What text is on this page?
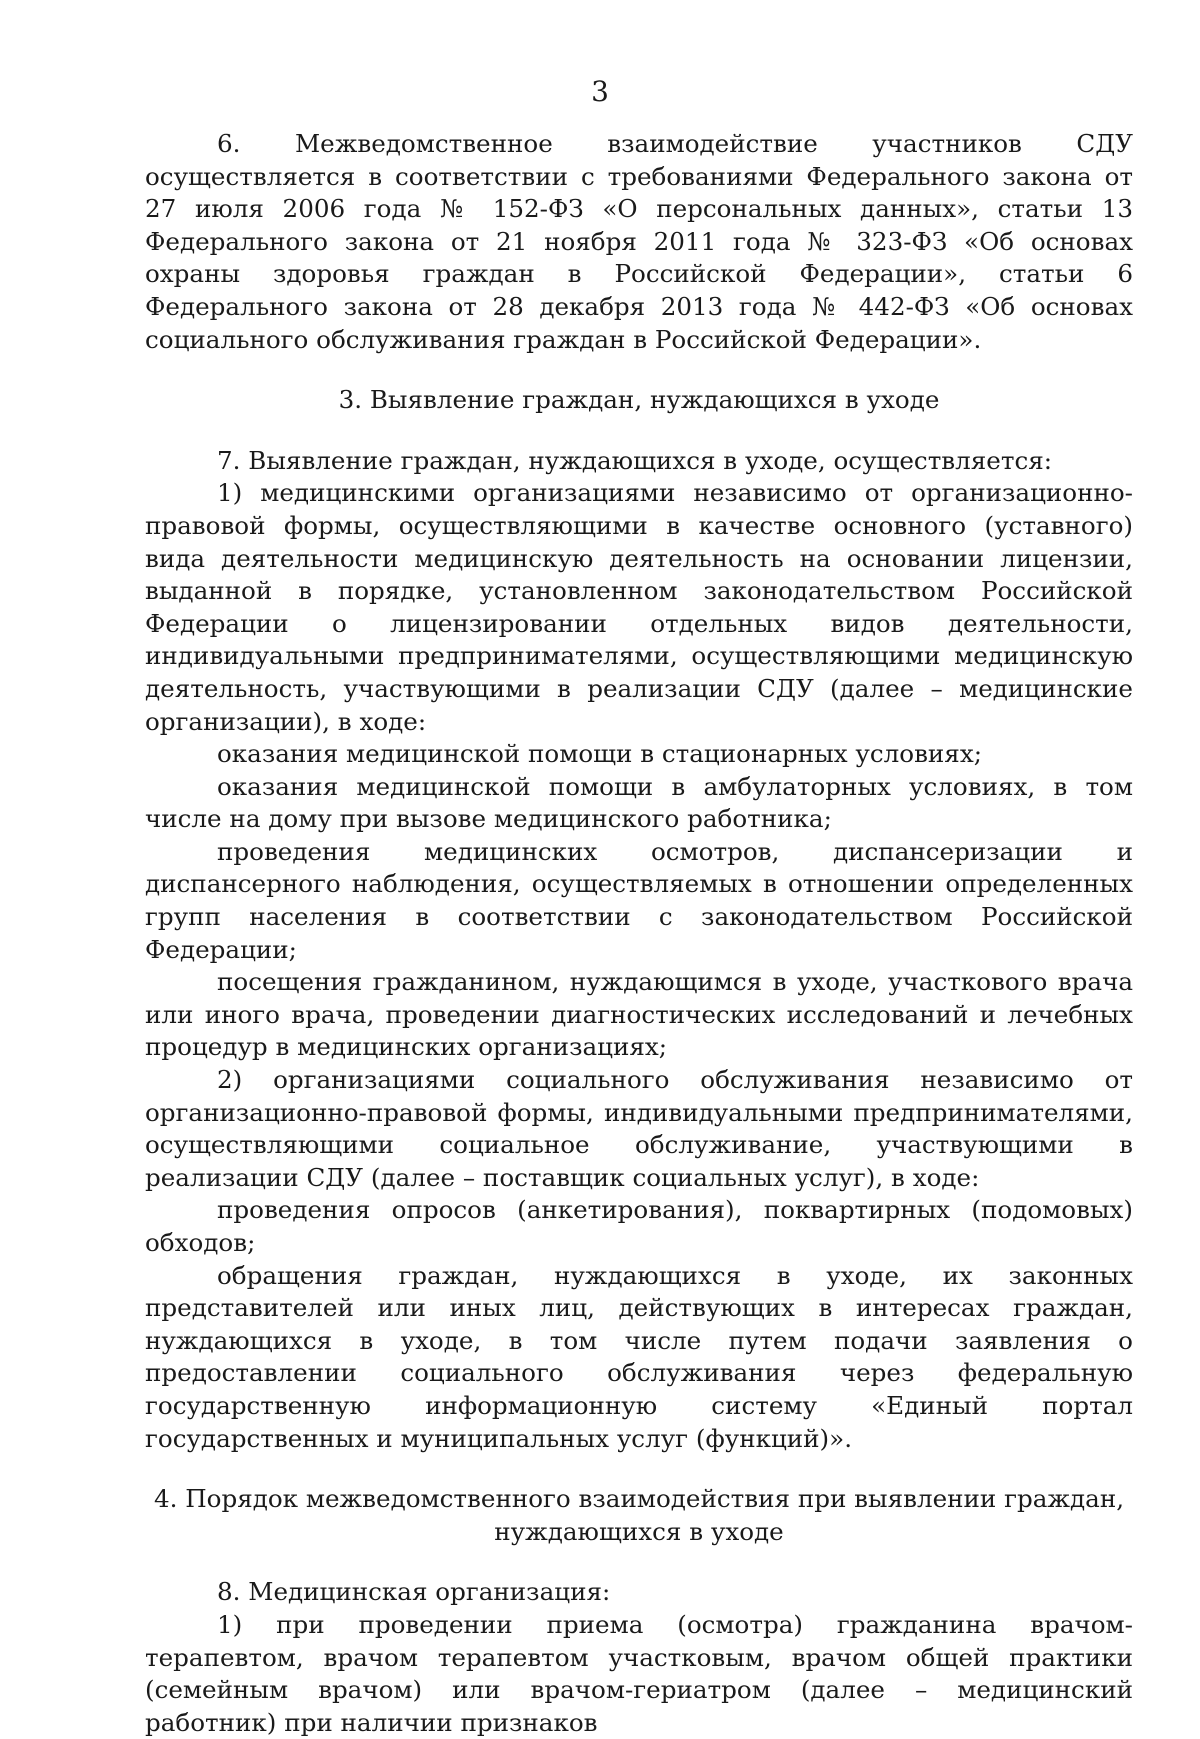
3

6. Межведомственное взаимодействие участников СДУ осуществляется в соответствии с требованиями Федерального закона от 27 июля 2006 года № 152-ФЗ «О персональных данных», статьи 13 Федерального закона от 21 ноября 2011 года № 323-ФЗ «Об основах охраны здоровья граждан в Российской Федерации», статьи 6 Федерального закона от 28 декабря 2013 года № 442-ФЗ «Об основах социального обслуживания граждан в Российской Федерации».

3. Выявление граждан, нуждающихся в уходе

7. Выявление граждан, нуждающихся в уходе, осуществляется:

1) медицинскими организациями независимо от организационно-правовой формы, осуществляющими в качестве основного (уставного) вида деятельности медицинскую деятельность на основании лицензии, выданной в порядке, установленном законодательством Российской Федерации о лицензировании отдельных видов деятельности, индивидуальными предпринимателями, осуществляющими медицинскую деятельность, участвующими в реализации СДУ (далее – медицинские организации), в ходе:

оказания медицинской помощи в стационарных условиях;

оказания медицинской помощи в амбулаторных условиях, в том числе на дому при вызове медицинского работника;

проведения медицинских осмотров, диспансеризации и диспансерного наблюдения, осуществляемых в отношении определенных групп населения в соответствии с законодательством Российской Федерации;

посещения гражданином, нуждающимся в уходе, участкового врача или иного врача, проведении диагностических исследований и лечебных процедур в медицинских организациях;

2) организациями социального обслуживания независимо от организационно-правовой формы, индивидуальными предпринимателями, осуществляющими социальное обслуживание, участвующими в реализации СДУ (далее – поставщик социальных услуг), в ходе:

проведения опросов (анкетирования), поквартирных (подомовых) обходов;

обращения граждан, нуждающихся в уходе, их законных представителей или иных лиц, действующих в интересах граждан, нуждающихся в уходе, в том числе путем подачи заявления о предоставлении социального обслуживания через федеральную государственную информационную систему «Единый портал государственных и муниципальных услуг (функций)».

4. Порядок межведомственного взаимодействия при выявлении граждан,
нуждающихся в уходе

8. Медицинская организация:

1) при проведении приема (осмотра) гражданина врачом-терапевтом, врачом терапевтом участковым, врачом общей практики (семейным врачом) или врачом-гериатром (далее – медицинский работник) при наличии признаков
